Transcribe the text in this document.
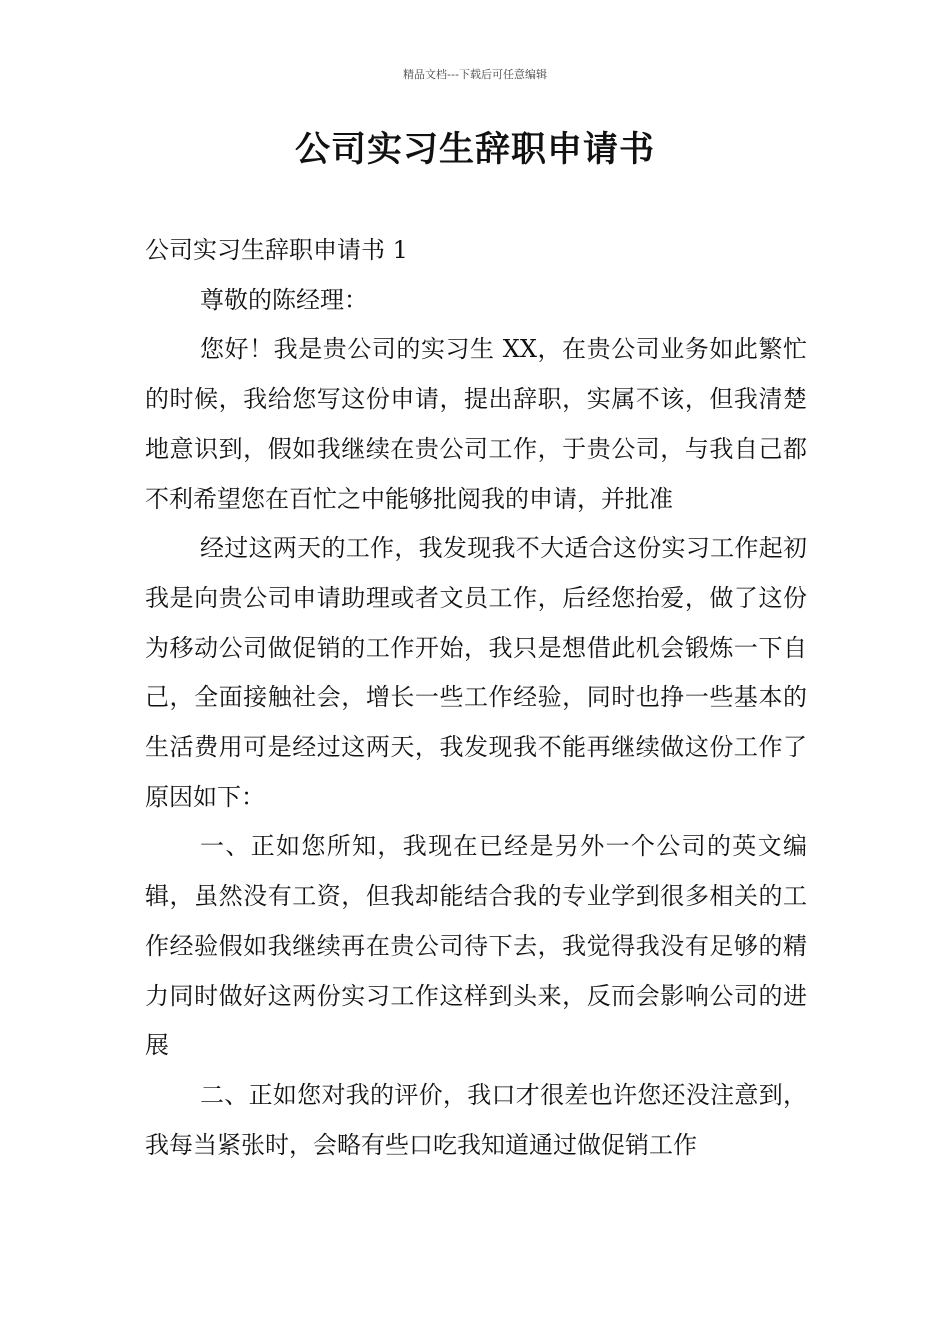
精品文档---下载后可任意编辑
公司实习生辞职申请书

公司实习生辞职申请书 1

尊敬的陈经理：

您好！我是贵公司的实习生 XX，在贵公司业务如此繁忙的时候，我给您写这份申请，提出辞职，实属不该，但我清楚地意识到，假如我继续在贵公司工作，于贵公司，与我自己都不利希望您在百忙之中能够批阅我的申请，并批准

经过这两天的工作，我发现我不大适合这份实习工作起初我是向贵公司申请助理或者文员工作，后经您抬爱，做了这份为移动公司做促销的工作开始，我只是想借此机会锻炼一下自己，全面接触社会，增长一些工作经验，同时也挣一些基本的生活费用可是经过这两天，我发现我不能再继续做这份工作了原因如下：

一、正如您所知，我现在已经是另外一个公司的英文编辑，虽然没有工资，但我却能结合我的专业学到很多相关的工作经验假如我继续再在贵公司待下去，我觉得我没有足够的精力同时做好这两份实习工作这样到头来，反而会影响公司的进展

二、正如您对我的评价，我口才很差也许您还没注意到，我每当紧张时，会略有些口吃我知道通过做促销工作
